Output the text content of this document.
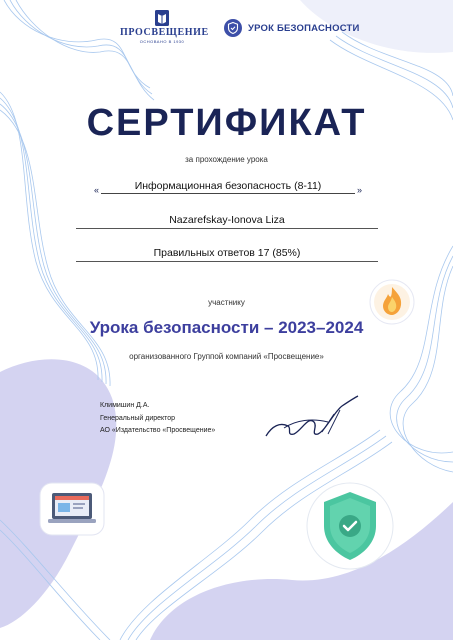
ПРОСВЕЩЕНИЕ
ОСНОВАНО В 1930
УРОК БЕЗОПАСНОСТИ
СЕРТИФИКАТ
за прохождение урока
«	Информационная безопасность (8-11)	»
Nazarefskay-Ionova Liza
Правильных ответов 17 (85%)
участнику
Урока безопасности – 2023–2024
организованного Группой компаний «Просвещение»
Климишин Д.А.
Генеральный директор
АО «Издательство «Просвещение»
